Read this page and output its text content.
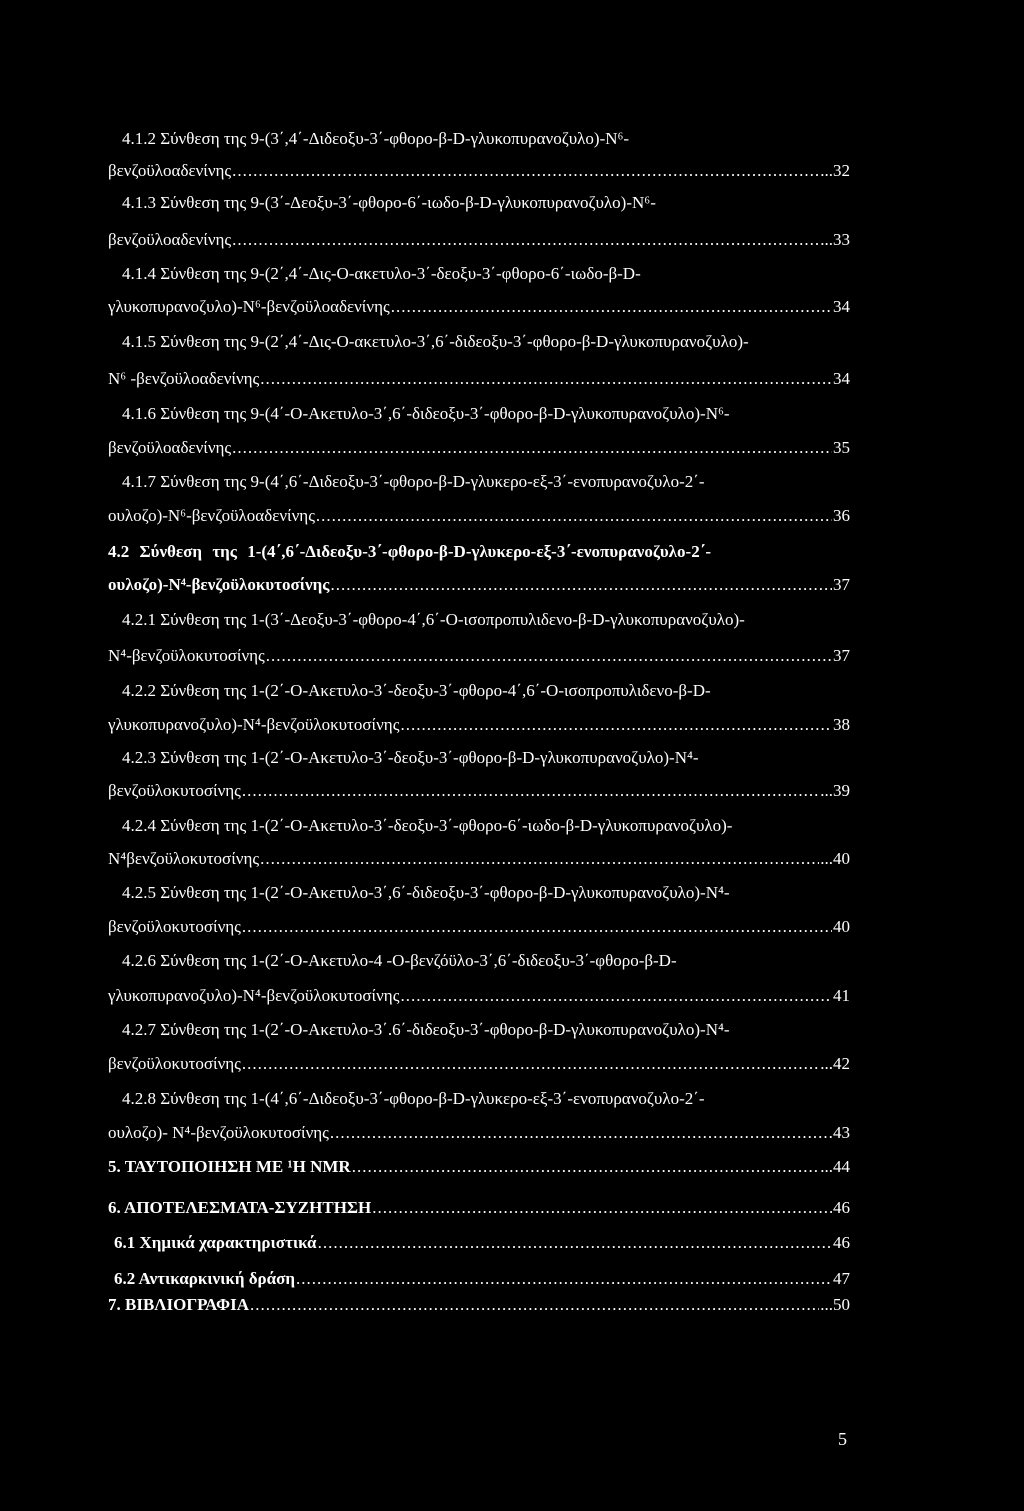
4.1.2 Σύνθεση της 9-(3΄,4΄-Διδεοξυ-3΄-φθορο-β-D-γλυκοπυρανοζυλο)-N⁶-
βενζοϋλοαδενίνης .....	...32
4.1.3 Σύνθεση της 9-(3΄-Δεοξυ-3΄-φθορο-6΄-ιωδο-β-D-γλυκοπυρανοζυλο)-N⁶-
βενζοϋλοαδενίνης .....	...33
4.1.4 Σύνθεση της 9-(2΄,4΄-Δις-O-ακετυλο-3΄-δεοξυ-3΄-φθορο-6΄-ιωδο-β-D-
γλυκοπυρανοζυλο)-N⁶-βενζοϋλοαδενίνης .....	34
4.1.5 Σύνθεση της 9-(2΄,4΄-Δις-O-ακετυλο-3΄,6΄-διδεοξυ-3΄-φθορο-β-D-γλυκοπυρανοζυλο)-
N⁶ -βενζοϋλοαδενίνης .....	34
4.1.6 Σύνθεση της 9-(4΄-O-Ακετυλο-3΄,6΄-διδεοξυ-3΄-φθορο-β-D-γλυκοπυρανοζυλο)-N⁶-
βενζοϋλοαδενίνης .....	35
4.1.7 Σύνθεση της 9-(4΄,6΄-Διδεοξυ-3΄-φθορο-β-D-γλυκερο-εξ-3΄-ενοπυρανοζυλο-2΄-
ουλοζο)-N⁶-βενζοϋλοαδενίνης .....	36
4.2 Σύνθεση της 1-(4΄,6΄-Διδεοξυ-3΄-φθορο-β-D-γλυκερο-εξ-3΄-ενοπυρανοζυλο-2΄-
ουλοζο)-N⁴-βενζοϋλοκυτοσίνης .....	37
4.2.1 Σύνθεση της 1-(3΄-Δεοξυ-3΄-φθορο-4΄,6΄-O-ισοπροπυλιδενο-β-D-γλυκοπυρανοζυλο)-
N⁴-βενζοϋλοκυτοσίνης .....	37
4.2.2 Σύνθεση της 1-(2΄-O-Ακετυλο-3΄-δεοξυ-3΄-φθορο-4΄,6΄-O-ισοπροπυλιδενο-β-D-
γλυκοπυρανοζυλο)-N⁴-βενζοϋλοκυτοσίνης .....	38
4.2.3 Σύνθεση της 1-(2΄-O-Ακετυλο-3΄-δεοξυ-3΄-φθορο-β-D-γλυκοπυρανοζυλο)-N⁴-
βενζοϋλοκυτοσίνης .....	...39
4.2.4 Σύνθεση της 1-(2΄-O-Ακετυλο-3΄-δεοξυ-3΄-φθορο-6΄-ιωδο-β-D-γλυκοπυρανοζυλο)-
N⁴βενζοϋλοκυτοσίνης .....	...40
4.2.5 Σύνθεση της 1-(2΄-O-Ακετυλο-3΄,6΄-διδεοξυ-3΄-φθορο-β-D-γλυκοπυρανοζυλο)-N⁴-
βενζοϋλοκυτοσίνης .....	40
4.2.6 Σύνθεση της 1-(2΄-O-Ακετυλο-4 -O-βενζόϋλο-3΄,6΄-διδεοξυ-3΄-φθορο-β-D-
γλυκοπυρανοζυλο)-N⁴-βενζοϋλοκυτοσίνης .....	41
4.2.7 Σύνθεση της 1-(2΄-O-Ακετυλο-3΄.6΄-διδεοξυ-3΄-φθορο-β-D-γλυκοπυρανοζυλο)-N⁴-
βενζοϋλοκυτοσίνης .....	...42
4.2.8 Σύνθεση της 1-(4΄,6΄-Διδεοξυ-3΄-φθορο-β-D-γλυκερο-εξ-3΄-ενοπυρανοζυλο-2΄-
ουλοζο)- N⁴-βενζοϋλοκυτοσίνης .....	43
5. ΤΑΥΤΟΠΟΙΗΣΗ ΜΕ ¹H NMR .....	...44
6. ΑΠΟΤΕΛΕΣΜΑΤΑ-ΣΥΖΗΤΗΣΗ .....	46
6.1 Χημικά χαρακτηριστικά .....	46
6.2 Αντικαρκινική δράση .....	47
7. ΒΙΒΛΙΟΓΡΑΦΙΑ .....	...50
5
